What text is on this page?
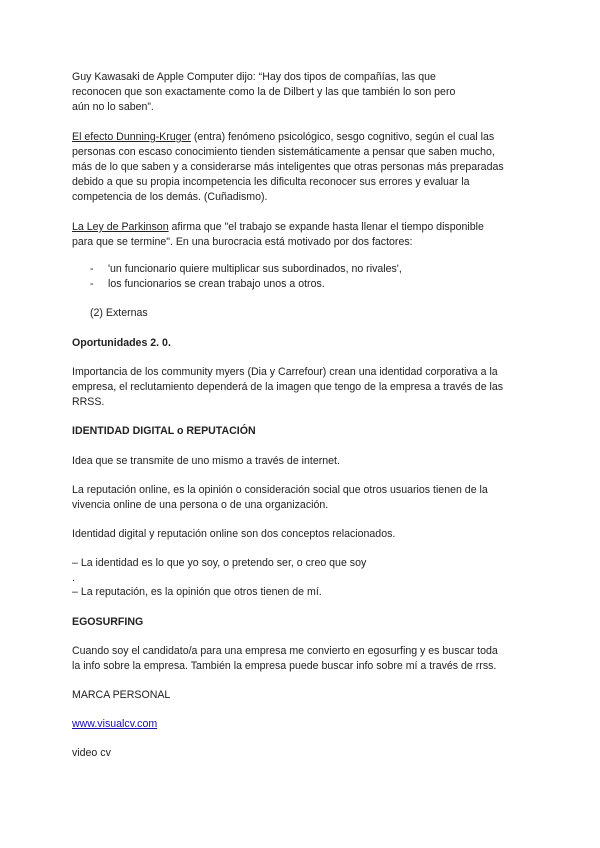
Guy Kawasaki de Apple Computer dijo: “Hay dos tipos de compañías, las que
reconocen que son exactamente como la de Dilbert y las que también lo son pero
aún no lo saben”.
El efecto Dunning-Kruger (entra) fenómeno psicológico, sesgo cognitivo, según el cual las
personas con escaso conocimiento tienden sistemáticamente a pensar que saben mucho,
más de lo que saben y a considerarse más inteligentes que otras personas más preparadas
debido a que su propia incompetencia les dificulta reconocer sus errores y evaluar la
competencia de los demás. (Cuñadismo).
La Ley de Parkinson afirma que "el trabajo se expande hasta llenar el tiempo disponible
para que se termine". En una burocracia está motivado por dos factores:
- 'un funcionario quiere multiplicar sus subordinados, no rivales',
- los funcionarios se crean trabajo unos a otros.
(2) Externas
Oportunidades 2. 0.
Importancia de los community myers (Dia y Carrefour) crean una identidad corporativa a la
empresa, el reclutamiento dependerá de la imagen que tengo de la empresa a través de las
RRSS.
IDENTIDAD DIGITAL o REPUTACIÓN
Idea que se transmite de uno mismo a través de internet.
La reputación online, es la opinión o consideración social que otros usuarios tienen de la
vivencia online de una persona o de una organización.
Identidad digital y reputación online son dos conceptos relacionados.
– La identidad es lo que yo soy, o pretendo ser, o creo que soy
.
– La reputación, es la opinión que otros tienen de mí.
EGOSURFING
Cuando soy el candidato/a para una empresa me convierto en egosurfing y es buscar toda
la info sobre la empresa. También la empresa puede buscar info sobre mí a través de rrss.
MARCA PERSONAL
www.visualcv.com
video cv
